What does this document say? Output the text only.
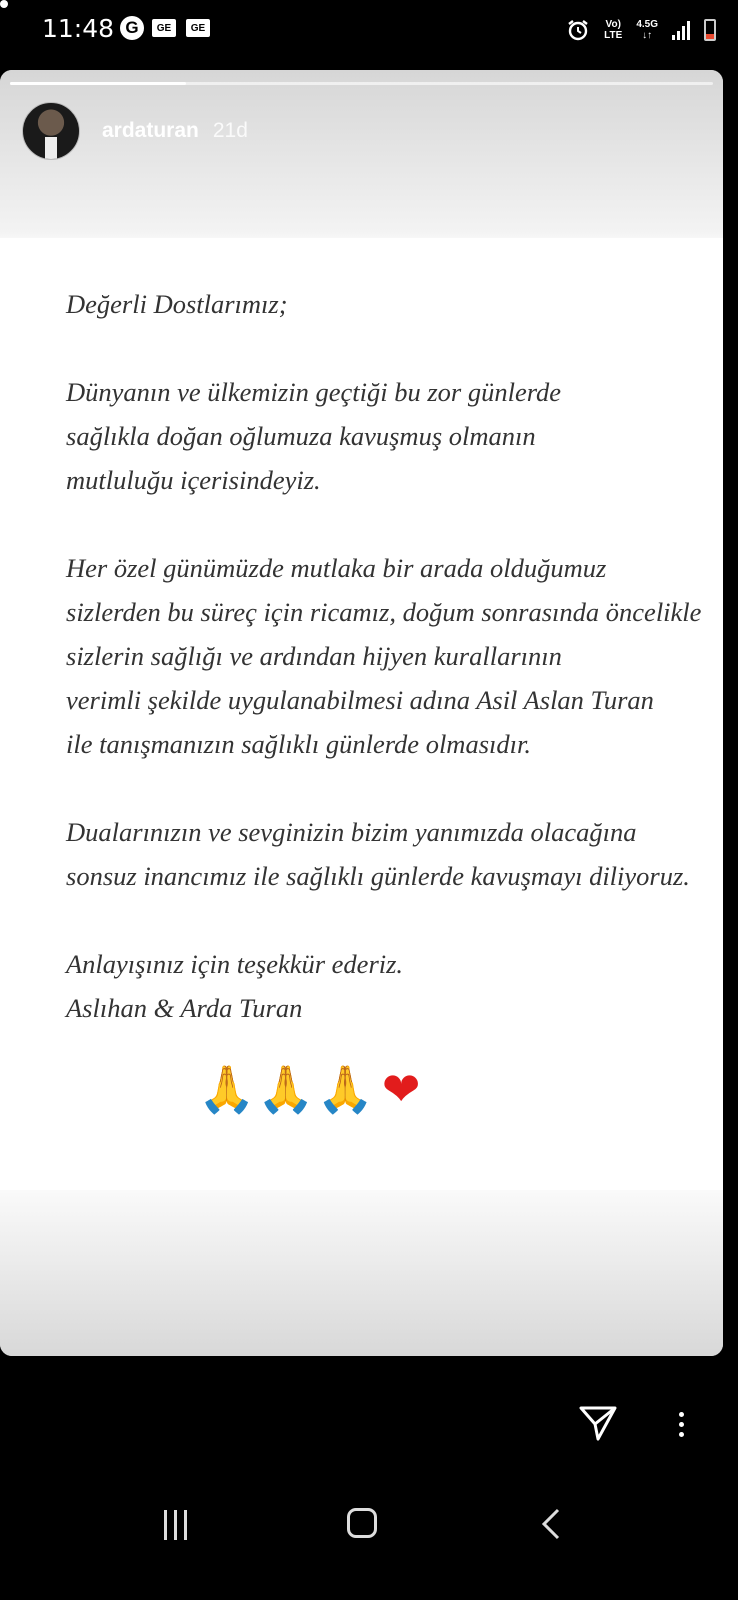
11:48 G	GE	GE	Vo)
LTE
4.5G
↓↑

Değerli Dostlarımız;

Dünyanın ve ülkemizin geçtiği bu zor günlerde
sağlıkla doğan oğlumuza kavuşmuş olmanın
mutluluğu içerisindeyiz.

Her özel günümüzde mutlaka bir arada olduğumuz
sizlerden bu süreç için ricamız, doğum sonrasında öncelikle
sizlerin sağlığı ve ardından hijyen kurallarının
verimli şekilde uygulanabilmesi adına Asil Aslan Turan
ile tanışmanızın sağlıklı günlerde olmasıdır.

Dualarınızın ve sevginizin bizim yanımızda olacağına
sonsuz inancımız ile sağlıklı günlerde kavuşmayı diliyoruz.

Anlayışınız için teşekkür ederiz.

Aslıhan & Arda Turan

🙏 🙏 🙏 ❤
ardaturan 21d
